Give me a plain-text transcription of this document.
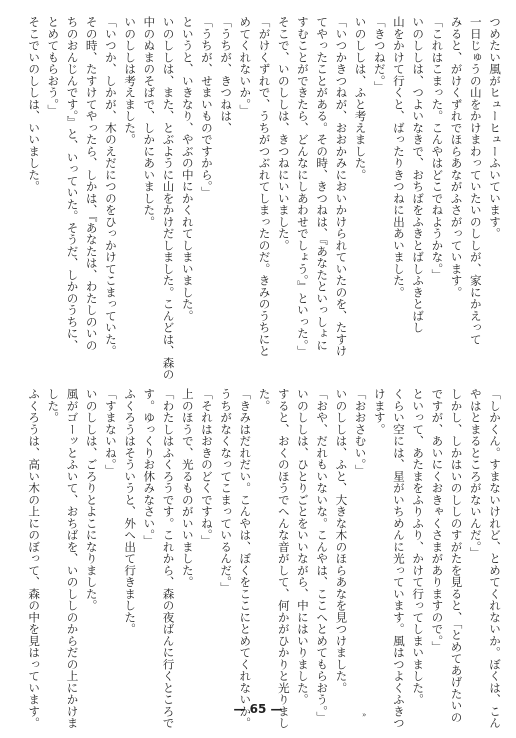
つめたい風がヒューヒューふいています。

一日じゅうの山をかけまわっていたいのししが、家にかえって

みると、がけくずれでほらあながふさがっています。

「これはこまった。こんやはどこでねようかな。」

いのししは、つよいなきで、おちばをふきとばしふきとばし

山をかけて行くと、ばったりきつねに出あいました。

「きつねだ。」

いのししは、ふと考えました。

「いつかきつねが、おおかみにおいかけられていたのを、たすけ

てやったことがある。その時、きつねは、『あなたといっしょに

すむことができたら、どんなにしあわせでしょう。』といった。」

そこで、いのししは、きつねにいいました。

「がけくずれで、うちがつぶれてしまったのだ。きみのうちにと

めてくれないか。」

「うちが、きつねは、

「うちが、せまいものですから。」

というと、いきなり、やぶの中にかくれてしまいました。

いのししは、また、とぶように山をかけだしました。こんどは、森の

中のぬまのそばで、しかにあいました。

いのししは考えました。

「いつか、しかが、木のえだにつのをひっかけてこまっていた。

その時、たすけてやったら、しかは、『あなたは、わたしのいの

ちのおんじんです。』と、いっていた。そうだ、しかのうちに、

とめてもらおう。」

そこでいのししは、いいました。

「しかくん。すまないけれど、とめてくれないか。ぼくは、こん

やはとまるところがないんだ。」

しかし、しかはいのししのすがたを見ると、「とめてあげたいの

ですが、あいにくおきゃくさまがありますので。」

といって、あたまをふりふり、かけて行ってしまいました。

くらい空には、星がいちめんに光っています。風はつよくふきつ

けます。

「おおさむい。」

いのししは、ふと、大きな木のほらあなを見つけました。

「おや、だれもいないな。こんやは、ここへとめてもらおう。」

いのししは、ひとりごとをいいながら、中にはいりました。

すると、おくのほうでへんな音がして、何かがひかりと光りまし

た。

「きみはだれだい。こんやは、ぼくをここにとめてくれないか。

うちがなくなってこまっているんだ。」

「それはおきのどくですね。」

上のほうで、光るものがいいました。

「わたしはふくろうです。これから、森の夜ばんに行くところで

す。ゆっくりお休みなさい。」

ふくろうはそういうと、外へ出て行きました。

「すまないね。」

いのししは、ごろりとよこになりました。

風がゴーッとふいて、おちばを、いのししのからだの上にかけま

した。

ふくろうは、高い木の上にのぼって、森の中を見はっています。	— 65 —	»
